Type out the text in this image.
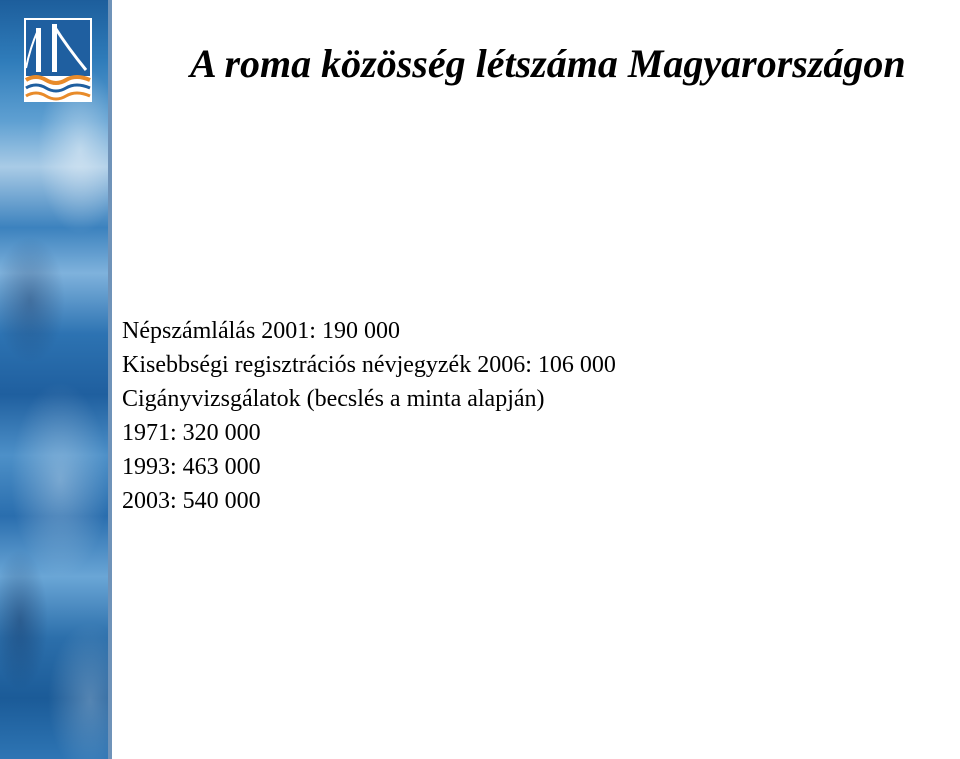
A roma közösség létszáma Magyarországon
Népszámlálás 2001: 190 000
Kisebbségi regisztrációs névjegyzék 2006: 106 000
Cigányvizsgálatok (becslés a minta alapján)
1971: 320 000
1993: 463 000
2003: 540 000
